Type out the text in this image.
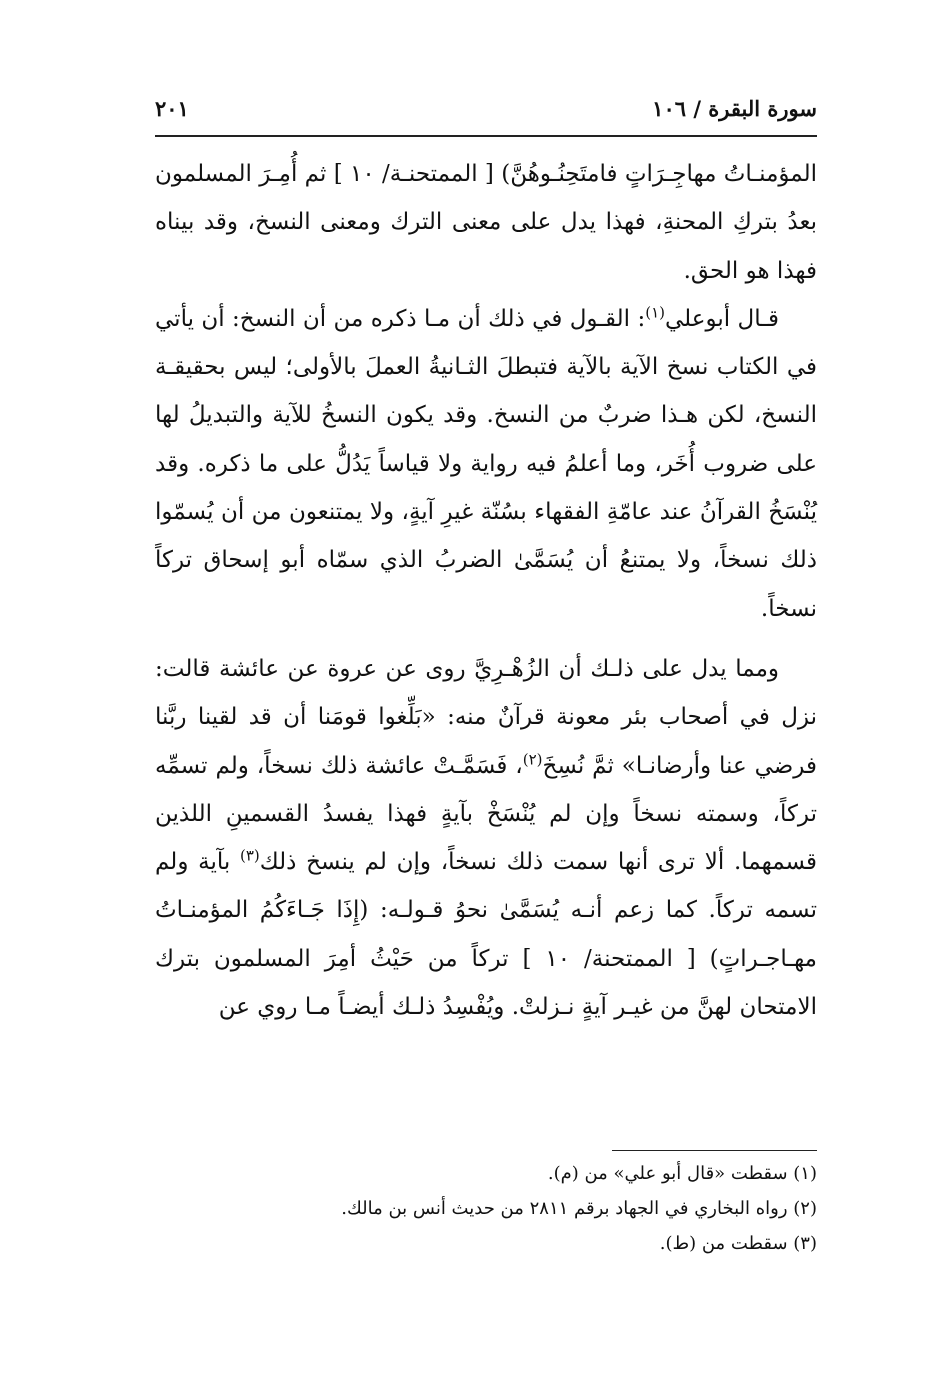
سورة البقرة / ١٠٦
٢٠١

المؤمنـاتُ مهاجِـرَاتٍ فامتَحِنُـوهُنَّ) [ الممتحنـة/ ١٠ ] ثم أُمِـرَ المسلمون بعدُ بتركِ المحنةِ، فهذا يدل على معنى الترك ومعنى النسخ، وقد بيناه فهذا هو الحق.

قـال أبوعلي$^{(١)}$: القـول في ذلك أن مـا ذكره من أن النسخ: أن يأتي في الكتاب نسخ الآية بالآية فتبطلَ الثـانيةُ العملَ بالأولى؛ ليس بحقيقـة النسخ، لكن هـذا ضربٌ من النسخ. وقد يكون النسخُ للآية والتبديلُ لها على ضروب أُخَر، وما أعلمُ فيه رواية ولا قياساً يَدُلُّ على ما ذكره. وقد يُنْسَخُ القرآنُ عند عامّةِ الفقهاء بسُنّة غيرِ آيةٍ، ولا يمتنعون من أن يُسمّوا ذلك نسخاً، ولا يمتنعُ أن يُسَمَّىٰ الضربُ الذي سمّاه أبو إسحاق تركاً نسخاً.

ومما يدل على ذلـك أن الزُهْـرِيَّ روى عن عروة عن عائشة قالت: نزل في أصحاب بئر معونة قرآنٌ منه: «بَلِّغوا قومَنا أن قد لقينا ربَّنا فرضي عنا وأرضانـا» ثمَّ نُسِخَ$^{(٢)}$، فَسَمَّـتْ عائشة ذلك نسخاً، ولم تسمِّه تركاً، وسمته نسخاً وإن لم يُنْسَخْ بآيةٍ فهذا يفسدُ القسمينِ اللذين قسمهما. ألا ترى أنها سمت ذلك نسخاً، وإن لم ينسخ ذلك$^{(٣)}$ بآية ولم تسمه تركاً. كما زعم أنـه يُسَمَّىٰ نحوُ قـولـه: (إِذَا جَـاءَكُمُ المؤمنـاتُ مهـاجـراتٍ) [ الممتحنة/ ١٠ ] تركاً من حَيْثُ أمِرَ المسلمون بترك الامتحان لهنَّ من غيـر آيةٍ نـزلتْ. ويُفْسِدُ ذلـك أيضـاً مـا روي عن

(١) سقطت «قال أبو علي» من (م).

(٢) رواه البخاري في الجهاد برقم ٢٨١١ من حديث أنس بن مالك.

(٣) سقطت من (ط).
